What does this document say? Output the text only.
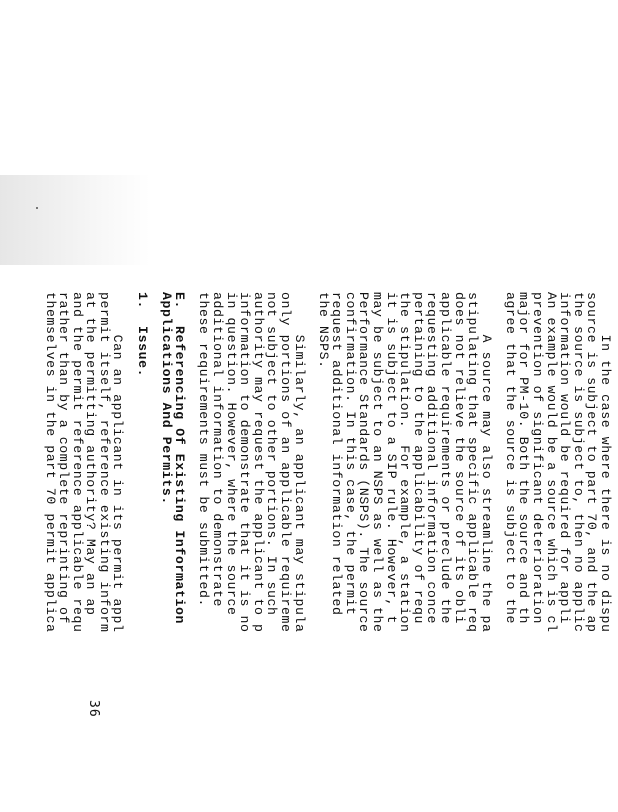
In the case where there is no dispu
source is subject to part 70, and the ap
the source is subject to, then no applic
information would be required for appli
An example would be a source which is cl
prevention of significant deterioration
major for PM-10. Both the source and th
agree that the source is subject to the
A source may also streamline the pa
stipulating that specific applicable req
does not relieve the source of its obli
applicable requirements or preclude the
requesting additional information conce
pertaining to the applicability of requ
the stipulation.  For example, a station
it is subject to a SIP rule. However, t
may be subject to an NSPS as well as the
Performance Standards (NSPS). The source
confirmation. In this case, the permit
request additional information related
the NSPS.
Similarly, an applicant may stipula
only portions of an applicable requireme
not subject to other portions. In such
authority may request the applicant to p
information to demonstrate that it is no
in question. However, where the source
additional information to demonstrate
these requirements must be submitted.
E.  Referencing Of Existing Information
Applications And Permits.
1.  Issue.
Can an applicant in its permit appl
permit itself, reference existing inform
at the permitting authority? May an ap
and the permit reference applicable requ
rather than by a complete reprinting of
themselves in the part 70 permit applica
36
